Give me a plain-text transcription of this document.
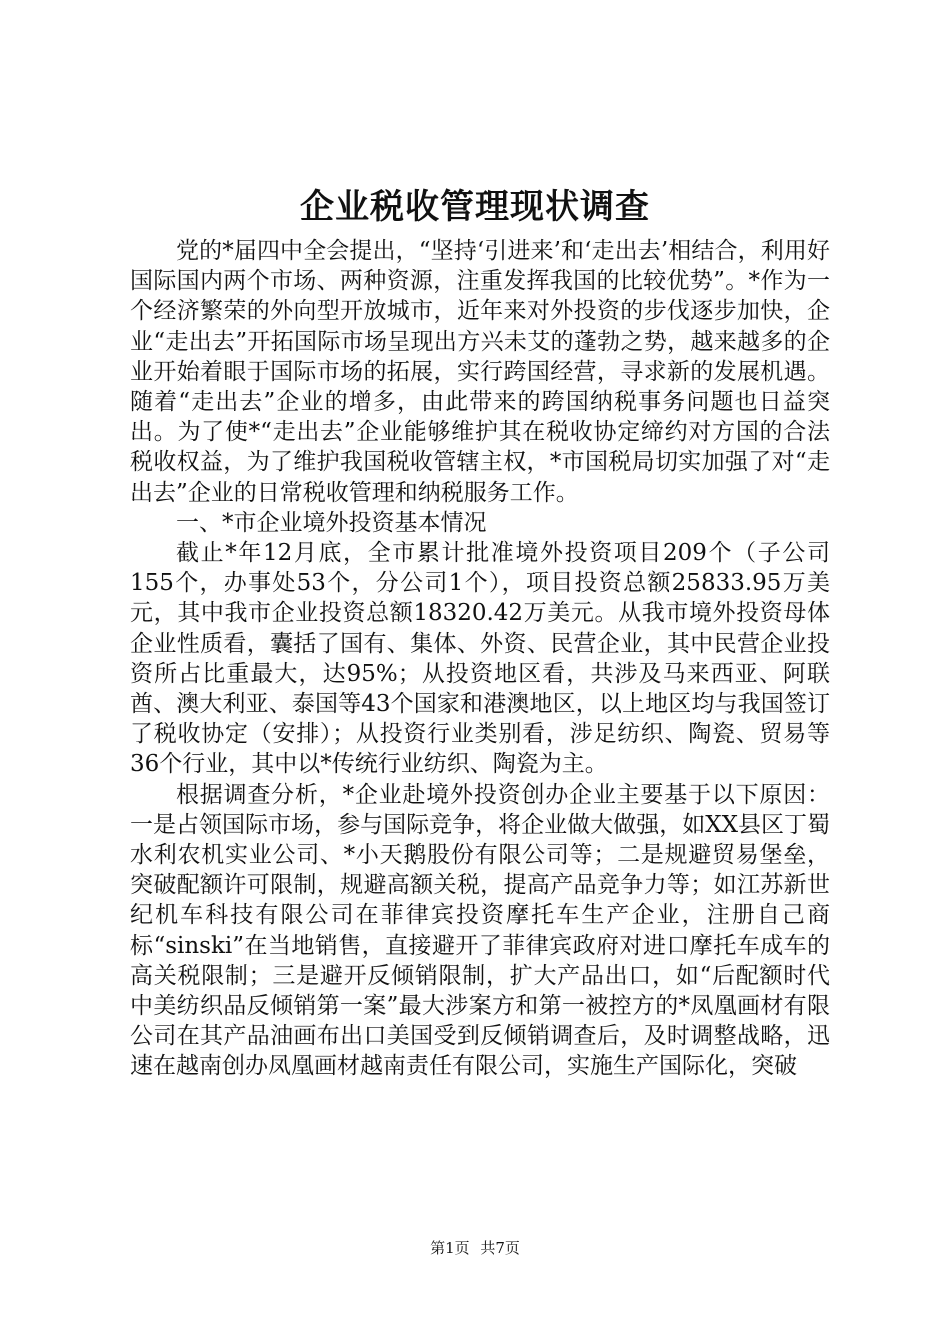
企业税收管理现状调查

党的*届四中全会提出，“坚持‘引进来’和‘走出去’相结合，利用好国际国内两个市场、两种资源，注重发挥我国的比较优势”。*作为一个经济繁荣的外向型开放城市，近年来对外投资的步伐逐步加快，企业“走出去”开拓国际市场呈现出方兴未艾的蓬勃之势，越来越多的企业开始着眼于国际市场的拓展，实行跨国经营，寻求新的发展机遇。随着“走出去”企业的增多，由此带来的跨国纳税事务问题也日益突出。为了使*“走出去”企业能够维护其在税收协定缔约对方国的合法税收权益，为了维护我国税收管辖主权，*市国税局切实加强了对“走出去”企业的日常税收管理和纳税服务工作。

一、*市企业境外投资基本情况

截止*年12月底，全市累计批准境外投资项目209个（子公司155个，办事处53个，分公司1个），项目投资总额25833.95万美元，其中我市企业投资总额18320.42万美元。从我市境外投资母体企业性质看，囊括了国有、集体、外资、民营企业，其中民营企业投资所占比重最大，达95%；从投资地区看，共涉及马来西亚、阿联酋、澳大利亚、泰国等43个国家和港澳地区，以上地区均与我国签订了税收协定（安排）；从投资行业类别看，涉足纺织、陶瓷、贸易等36个行业，其中以*传统行业纺织、陶瓷为主。

根据调查分析，*企业赴境外投资创办企业主要基于以下原因：一是占领国际市场，参与国际竞争，将企业做大做强，如XX县区丁蜀水利农机实业公司、*小天鹅股份有限公司等；二是规避贸易堡垒，突破配额许可限制，规避高额关税，提高产品竞争力等；如江苏新世纪机车科技有限公司在菲律宾投资摩托车生产企业，注册自己商标“sinski”在当地销售，直接避开了菲律宾政府对进口摩托车成车的高关税限制；三是避开反倾销限制，扩大产品出口，如“后配额时代中美纺织品反倾销第一案”最大涉案方和第一被控方的*凤凰画材有限公司在其产品油画布出口美国受到反倾销调查后，及时调整战略，迅速在越南创办凤凰画材越南责任有限公司，实施生产国际化，突破

第1页 共7页
